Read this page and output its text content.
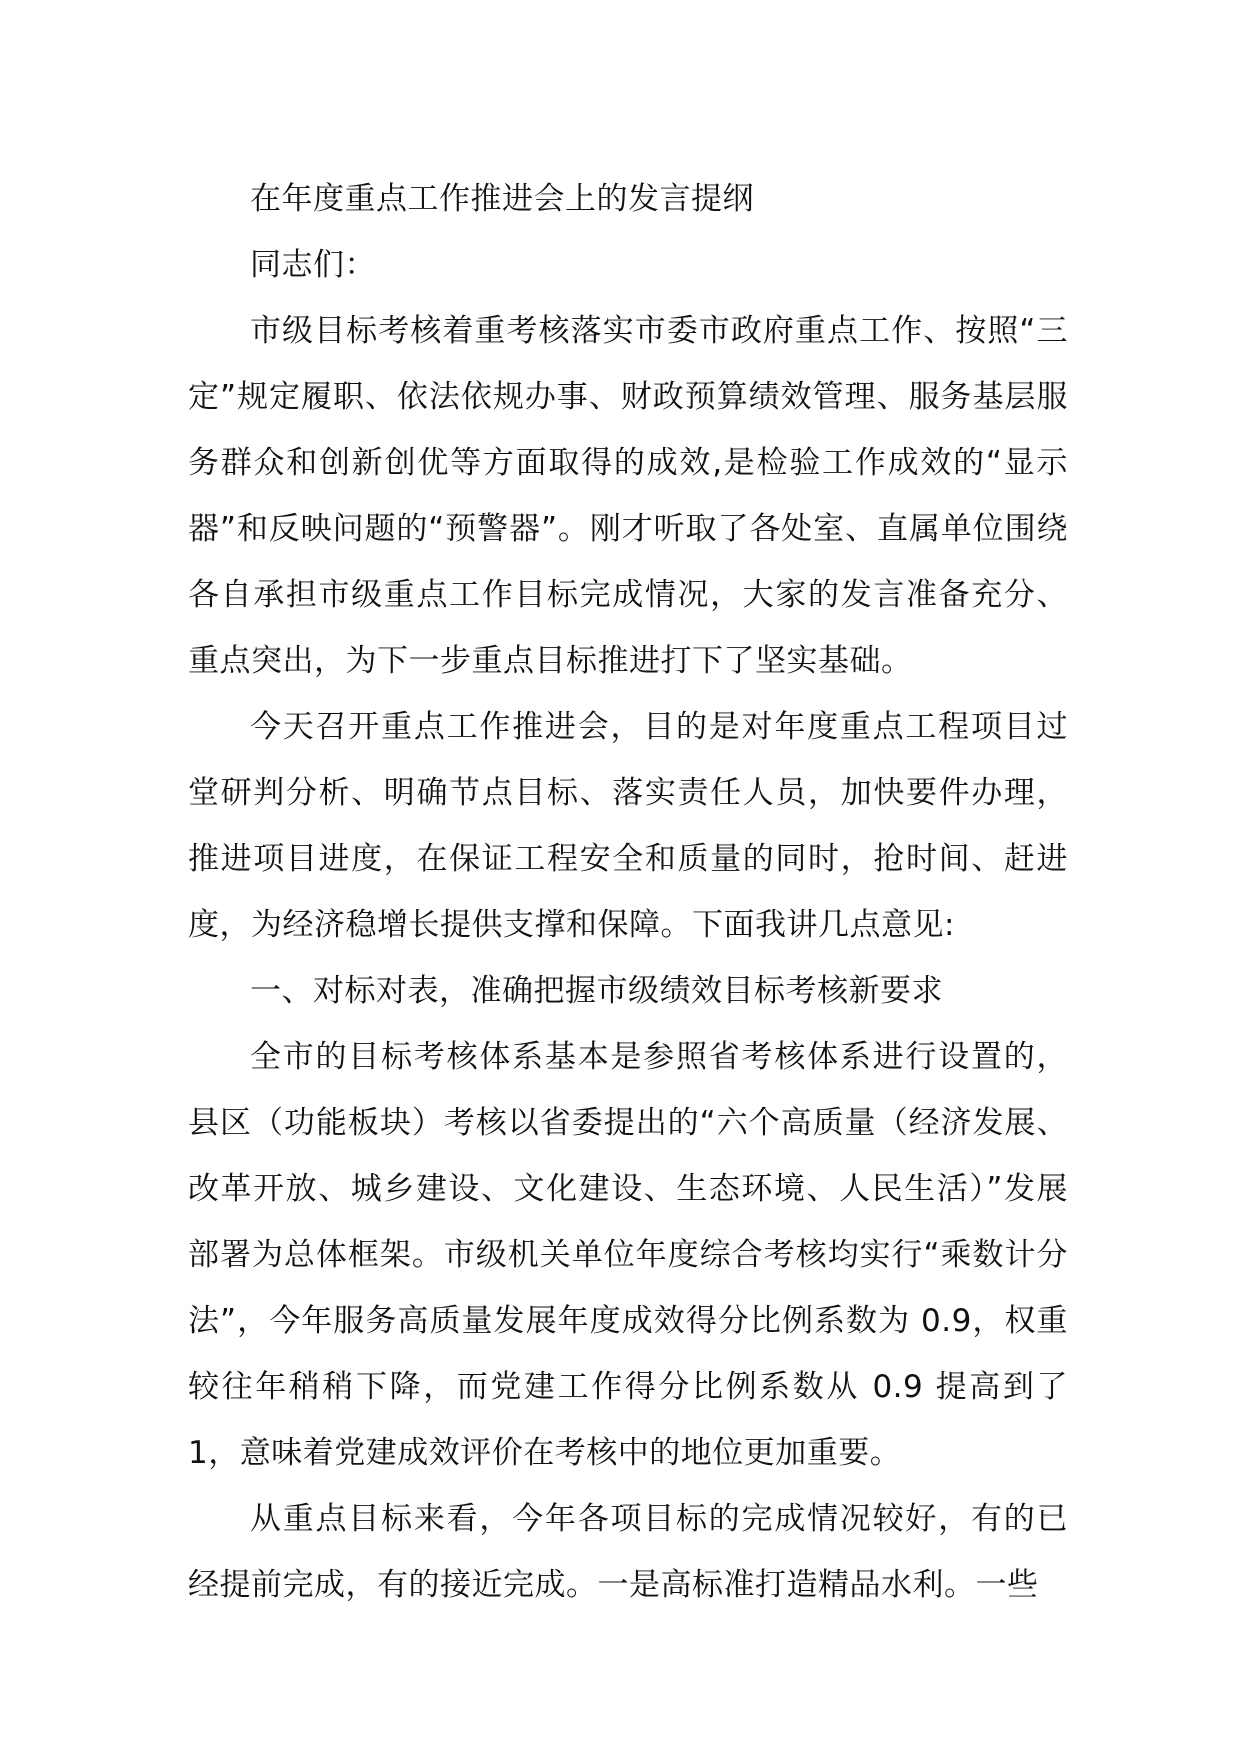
在年度重点工作推进会上的发言提纲

同志们：

市级目标考核着重考核落实市委市政府重点工作、按照“三定”规定履职、依法依规办事、财政预算绩效管理、服务基层服务群众和创新创优等方面取得的成效,是检验工作成效的“显示器”和反映问题的“预警器”。刚才听取了各处室、直属单位围绕各自承担市级重点工作目标完成情况，大家的发言准备充分、重点突出，为下一步重点目标推进打下了坚实基础。

今天召开重点工作推进会，目的是对年度重点工程项目过堂研判分析、明确节点目标、落实责任人员，加快要件办理，推进项目进度，在保证工程安全和质量的同时，抢时间、赶进度，为经济稳增长提供支撑和保障。下面我讲几点意见:

一、对标对表，准确把握市级绩效目标考核新要求

全市的目标考核体系基本是参照省考核体系进行设置的，县区（功能板块）考核以省委提出的“六个高质量（经济发展、改革开放、城乡建设、文化建设、生态环境、人民生活）”发展部署为总体框架。市级机关单位年度综合考核均实行“乘数计分法”，今年服务高质量发展年度成效得分比例系数为 0.9，权重较往年稍稍下降，而党建工作得分比例系数从 0.9 提高到了 1，意味着党建成效评价在考核中的地位更加重要。

从重点目标来看，今年各项目标的完成情况较好，有的已经提前完成，有的接近完成。一是高标准打造精品水利。一些
